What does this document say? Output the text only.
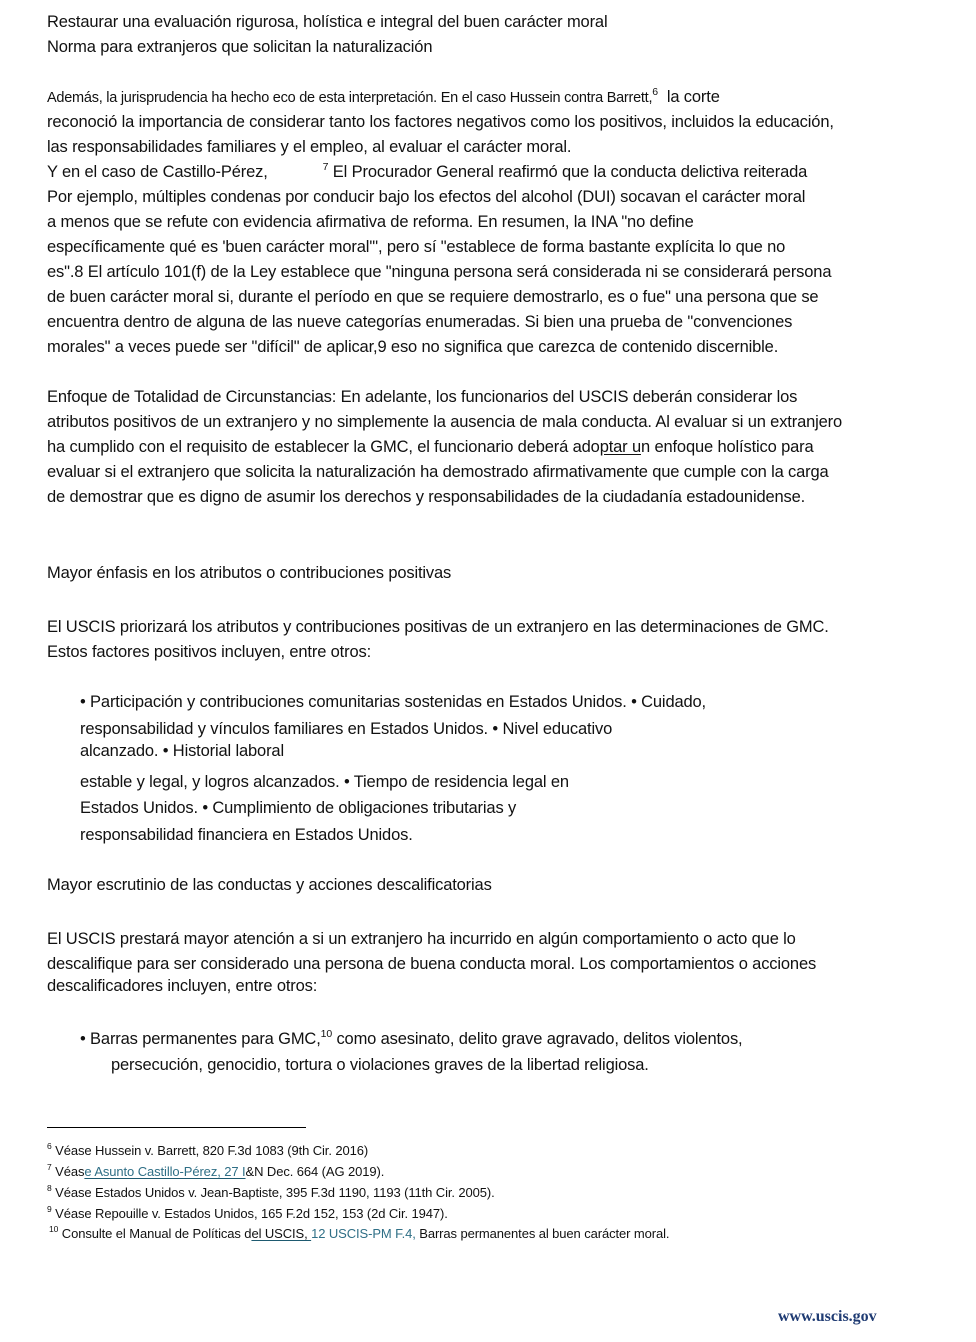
Restaurar una evaluación rigurosa, holística e integral del buen carácter moral
Norma para extranjeros que solicitan la naturalización
Además, la jurisprudencia ha hecho eco de esta interpretación. En el caso Hussein contra Barrett,$^6$  la corte
reconoció la importancia de considerar tanto los factores negativos como los positivos, incluidos la educación,
las responsabilidades familiares y el empleo, al evaluar el carácter moral.
Y en el caso de Castillo-Pérez,	$^7$ El Procurador General reafirmó que la conducta delictiva reiterada
Por ejemplo, múltiples condenas por conducir bajo los efectos del alcohol (DUI) socavan el carácter moral
a menos que se refute con evidencia afirmativa de reforma. En resumen, la INA "no define
específicamente qué es 'buen carácter moral'", pero sí "establece de forma bastante explícita lo que no
es".8 El artículo 101(f) de la Ley establece que "ninguna persona será considerada ni se considerará persona
de buen carácter moral si, durante el período en que se requiere demostrarlo, es o fue" una persona que se
encuentra dentro de alguna de las nueve categorías enumeradas. Si bien una prueba de "convenciones
morales" a veces puede ser "difícil" de aplicar,9 eso no significa que carezca de contenido discernible.
Enfoque de Totalidad de Circunstancias: En adelante, los funcionarios del USCIS deberán considerar los
atributos positivos de un extranjero y no simplemente la ausencia de mala conducta. Al evaluar si un extranjero
ha cumplido con el requisito de establecer la GMC, el funcionario deberá adoptar un enfoque holístico para
evaluar si el extranjero que solicita la naturalización ha demostrado afirmativamente que cumple con la carga
de demostrar que es digno de asumir los derechos y responsabilidades de la ciudadanía estadounidense.
Mayor énfasis en los atributos o contribuciones positivas
El USCIS priorizará los atributos y contribuciones positivas de un extranjero en las determinaciones de GMC.
Estos factores positivos incluyen, entre otros:
• Participación y contribuciones comunitarias sostenidas en Estados Unidos. • Cuidado,
responsabilidad y vínculos familiares en Estados Unidos. • Nivel educativo
alcanzado. • Historial laboral
estable y legal, y logros alcanzados. • Tiempo de residencia legal en
Estados Unidos. • Cumplimiento de obligaciones tributarias y
responsabilidad financiera en Estados Unidos.
Mayor escrutinio de las conductas y acciones descalificatorias
El USCIS prestará mayor atención a si un extranjero ha incurrido en algún comportamiento o acto que lo
descalifique para ser considerado una persona de buena conducta moral. Los comportamientos o acciones
descalificadores incluyen, entre otros:
• Barras permanentes para GMC,$^{10}$ como asesinato, delito grave agravado, delitos violentos,
persecución, genocidio, tortura o violaciones graves de la libertad religiosa.
$^6$ Véase Hussein v. Barrett, 820 F.3d 1083 (9th Cir. 2016)
$^7$ Véase Asunto Castillo-Pérez, 27 I&N Dec. 664 (AG 2019).
$^8$ Véase Estados Unidos v. Jean-Baptiste, 395 F.3d 1190, 1193 (11th Cir. 2005).
$^9$ Véase Repouille v. Estados Unidos, 165 F.2d 152, 153 (2d Cir. 1947).
$^{10}$ Consulte el Manual de Políticas del USCIS, 12 USCIS-PM F.4, Barras permanentes al buen carácter moral.
www.uscis.gov
